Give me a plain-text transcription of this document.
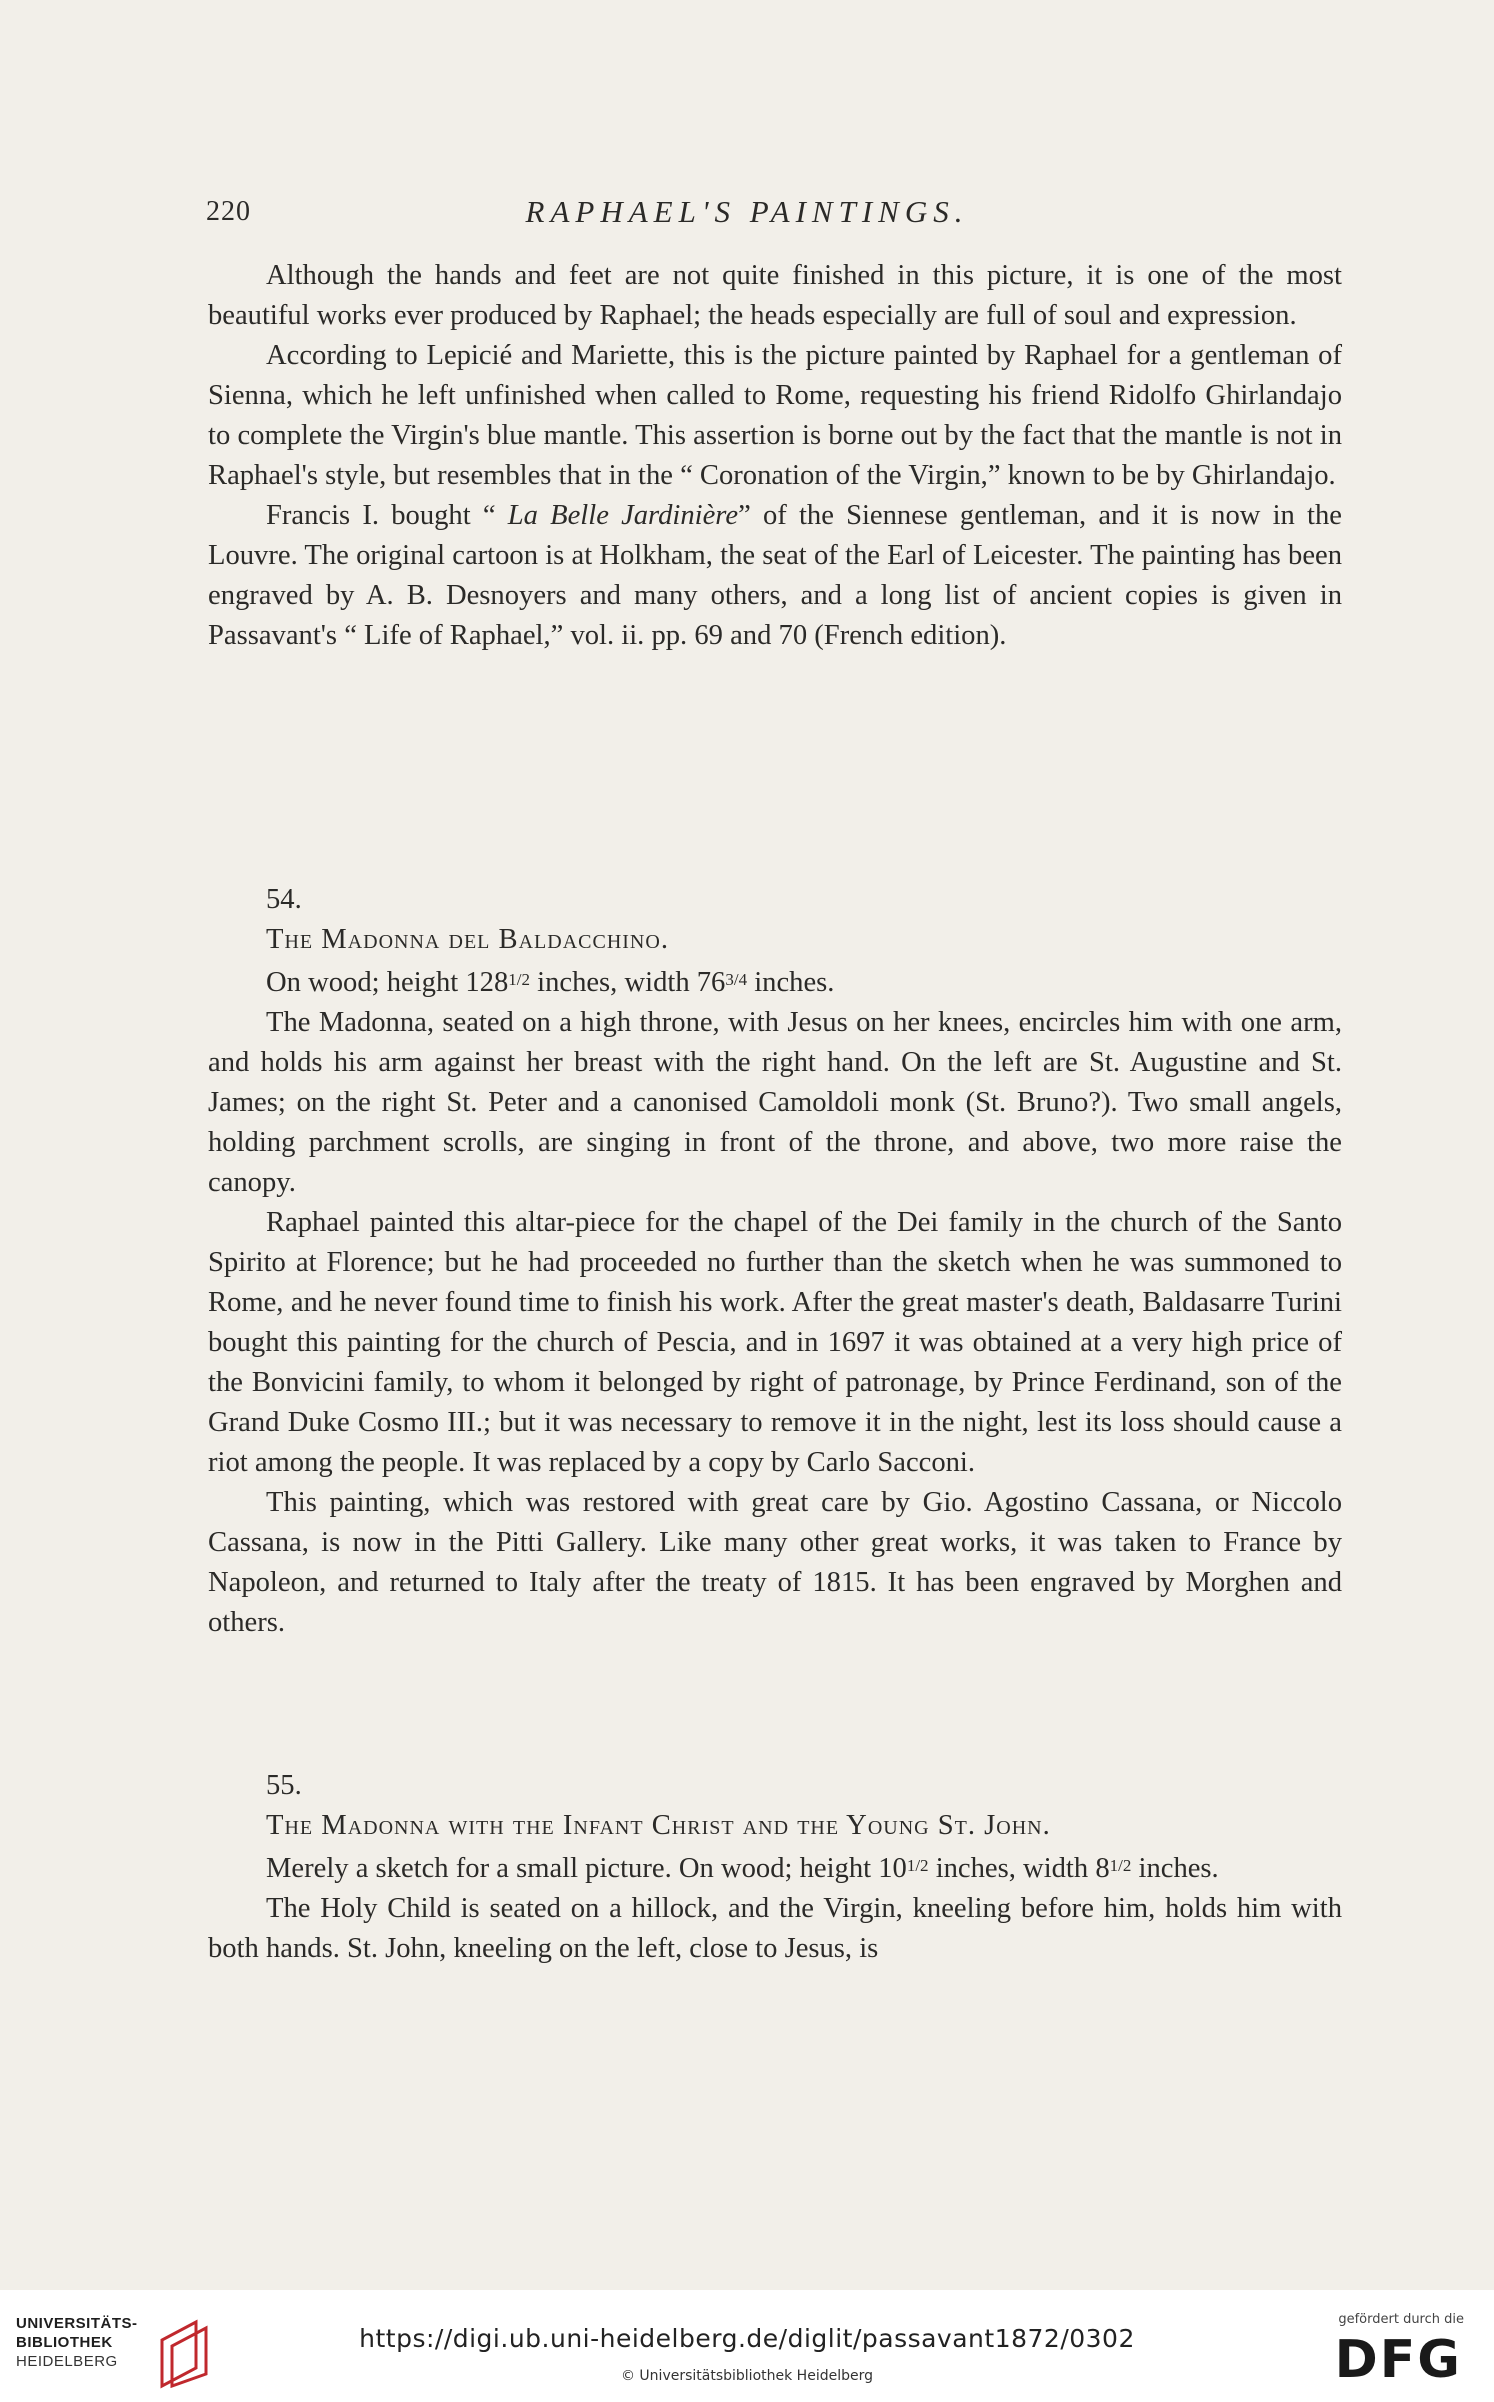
220	RAPHAEL'S PAINTINGS.

Although the hands and feet are not quite finished in this picture, it is one of the most beautiful works ever produced by Raphael; the heads especially are full of soul and expression.

According to Lepicié and Mariette, this is the picture painted by Raphael for a gentleman of Sienna, which he left unfinished when called to Rome, requesting his friend Ridolfo Ghirlandajo to complete the Virgin's blue mantle. This assertion is borne out by the fact that the mantle is not in Raphael's style, but resembles that in the “ Coronation of the Virgin,” known to be by Ghirlandajo.

Francis I. bought “ La Belle Jardinière” of the Siennese gentleman, and it is now in the Louvre. The original cartoon is at Holkham, the seat of the Earl of Leicester. The painting has been engraved by A. B. Desnoyers and many others, and a long list of ancient copies is given in Passavant's “ Life of Raphael,” vol. ii. pp. 69 and 70 (French edition).

54.

The Madonna del Baldacchino.

On wood; height $128^{1/2}$ inches, width $76^{3/4}$ inches.

The Madonna, seated on a high throne, with Jesus on her knees, encircles him with one arm, and holds his arm against her breast with the right hand. On the left are St. Augustine and St. James; on the right St. Peter and a canonised Camoldoli monk (St. Bruno?). Two small angels, holding parchment scrolls, are singing in front of the throne, and above, two more raise the canopy.

Raphael painted this altar-piece for the chapel of the Dei family in the church of the Santo Spirito at Florence; but he had proceeded no further than the sketch when he was summoned to Rome, and he never found time to finish his work. After the great master's death, Baldasarre Turini bought this painting for the church of Pescia, and in 1697 it was obtained at a very high price of the Bonvicini family, to whom it belonged by right of patronage, by Prince Ferdinand, son of the Grand Duke Cosmo III.; but it was necessary to remove it in the night, lest its loss should cause a riot among the people. It was replaced by a copy by Carlo Sacconi.

This painting, which was restored with great care by Gio. Agostino Cassana, or Niccolo Cassana, is now in the Pitti Gallery. Like many other great works, it was taken to France by Napoleon, and returned to Italy after the treaty of 1815. It has been engraved by Morghen and others.

55.

The Madonna with the Infant Christ and the Young St. John.

Merely a sketch for a small picture. On wood; height $10^{1/2}$ inches, width $8^{1/2}$ inches.

The Holy Child is seated on a hillock, and the Virgin, kneeling before him, holds him with both hands. St. John, kneeling on the left, close to Jesus, is

UNIVERSITÄTS-
BIBLIOTHEK
HEIDELBERG
https://digi.ub.uni-heidelberg.de/diglit/passavant1872/0302
© Universitätsbibliothek Heidelberg
gefördert durch die
DFG
